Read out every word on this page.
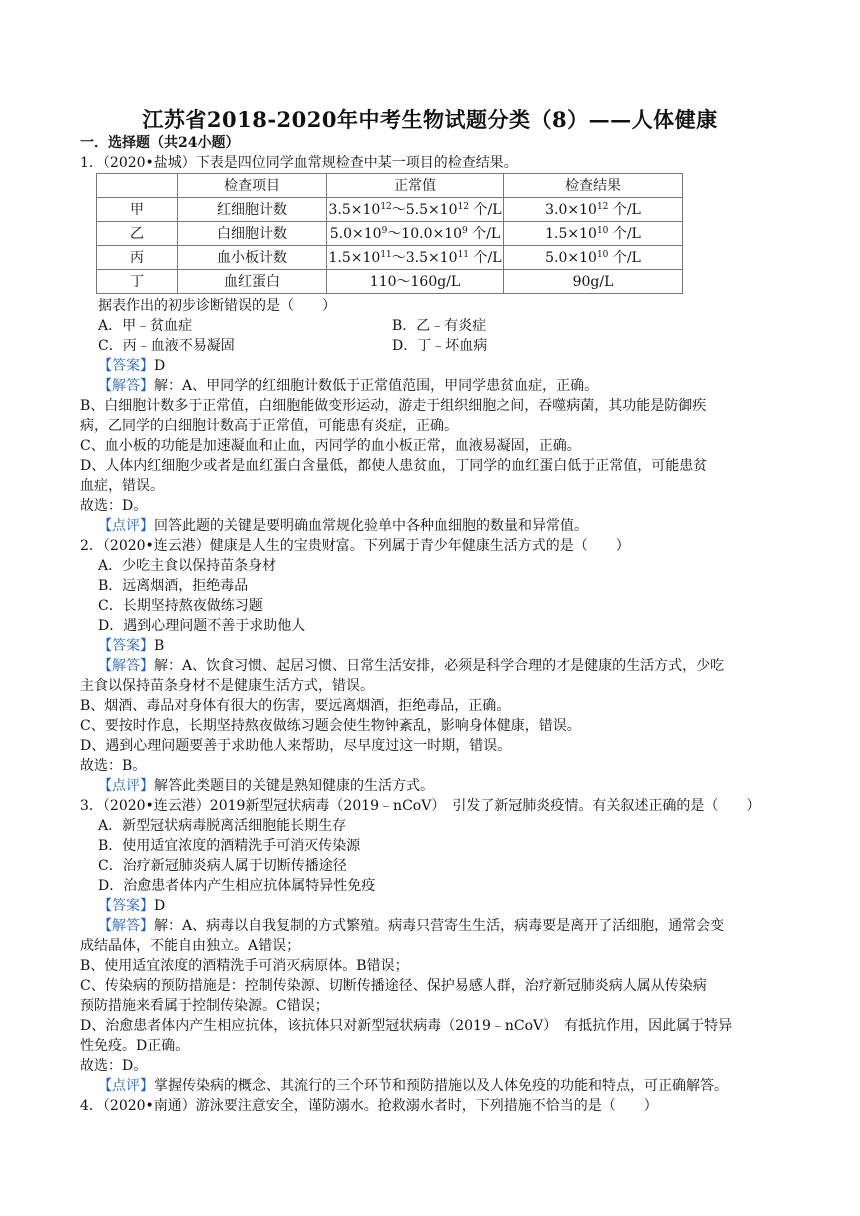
江苏省2018-2020年中考生物试题分类（8）——人体健康
一．选择题（共24小题）
1．（2020•盐城）下表是四位同学血常规检查中某一项目的检查结果。
	检查项目	正常值	检查结果
甲	红细胞计数	$3.5\times 10^{12}\sim 5.5\times 10^{12}$ 个/L	$3.0\times 10^{12}$ 个/L
乙	白细胞计数	$5.0\times 10^9\sim 10.0\times 10^9$ 个/L	$1.5\times 10^{10}$ 个/L
丙	血小板计数	$1.5\times 10^{11}\sim 3.5\times 10^{11}$ 个/L	$5.0\times 10^{10}$ 个/L
丁	血红蛋白	110～160g/L	90g/L
据表作出的初步诊断错误的是（　　）
A．甲﹣贫血症	B．乙﹣有炎症
C．丙﹣血液不易凝固	D．丁﹣坏血病
【答案】D
【解答】解：A、甲同学的红细胞计数低于正常值范围，甲同学患贫血症，正确。
B、白细胞计数多于正常值，白细胞能做变形运动，游走于组织细胞之间，吞噬病菌，其功能是防御疾
病，乙同学的白细胞计数高于正常值，可能患有炎症，正确。
C、血小板的功能是加速凝血和止血，丙同学的血小板正常，血液易凝固，正确。
D、人体内红细胞少或者是血红蛋白含量低，都使人患贫血，丁同学的血红蛋白低于正常值，可能患贫
血症，错误。
故选：D。
【点评】回答此题的关键是要明确血常规化验单中各种血细胞的数量和异常值。
2．（2020•连云港）健康是人生的宝贵财富。下列属于青少年健康生活方式的是（　　）
A．少吃主食以保持苗条身材
B．远离烟酒，拒绝毒品
C．长期坚持熬夜做练习题
D．遇到心理问题不善于求助他人
【答案】B
【解答】解：A、饮食习惯、起居习惯、日常生活安排，必须是科学合理的才是健康的生活方式，少吃
主食以保持苗条身材不是健康生活方式，错误。
B、烟酒、毒品对身体有很大的伤害，要远离烟酒，拒绝毒品，正确。
C、要按时作息，长期坚持熬夜做练习题会使生物钟紊乱，影响身体健康，错误。
D、遇到心理问题要善于求助他人来帮助，尽早度过这一时期，错误。
故选：B。
【点评】解答此类题目的关键是熟知健康的生活方式。
3．（2020•连云港）2019新型冠状病毒（2019﹣nCoV）　引发了新冠肺炎疫情。有关叙述正确的是（　　）
A．新型冠状病毒脱离活细胞能长期生存
B．使用适宜浓度的酒精洗手可消灭传染源
C．治疗新冠肺炎病人属于切断传播途径
D．治愈患者体内产生相应抗体属特异性免疫
【答案】D
【解答】解：A、病毒以自我复制的方式繁殖。病毒只营寄生生活，病毒要是离开了活细胞，通常会变
成结晶体，不能自由独立。A错误；
B、使用适宜浓度的酒精洗手可消灭病原体。B错误；
C、传染病的预防措施是：控制传染源、切断传播途径、保护易感人群，治疗新冠肺炎病人属从传染病
预防措施来看属于控制传染源。C错误；
D、治愈患者体内产生相应抗体，该抗体只对新型冠状病毒（2019﹣nCoV）　有抵抗作用，因此属于特异
性免疫。D正确。
故选：D。
【点评】掌握传染病的概念、其流行的三个环节和预防措施以及人体免疫的功能和特点，可正确解答。
4．（2020•南通）游泳要注意安全，谨防溺水。抢救溺水者时，下列措施不恰当的是（　　）
